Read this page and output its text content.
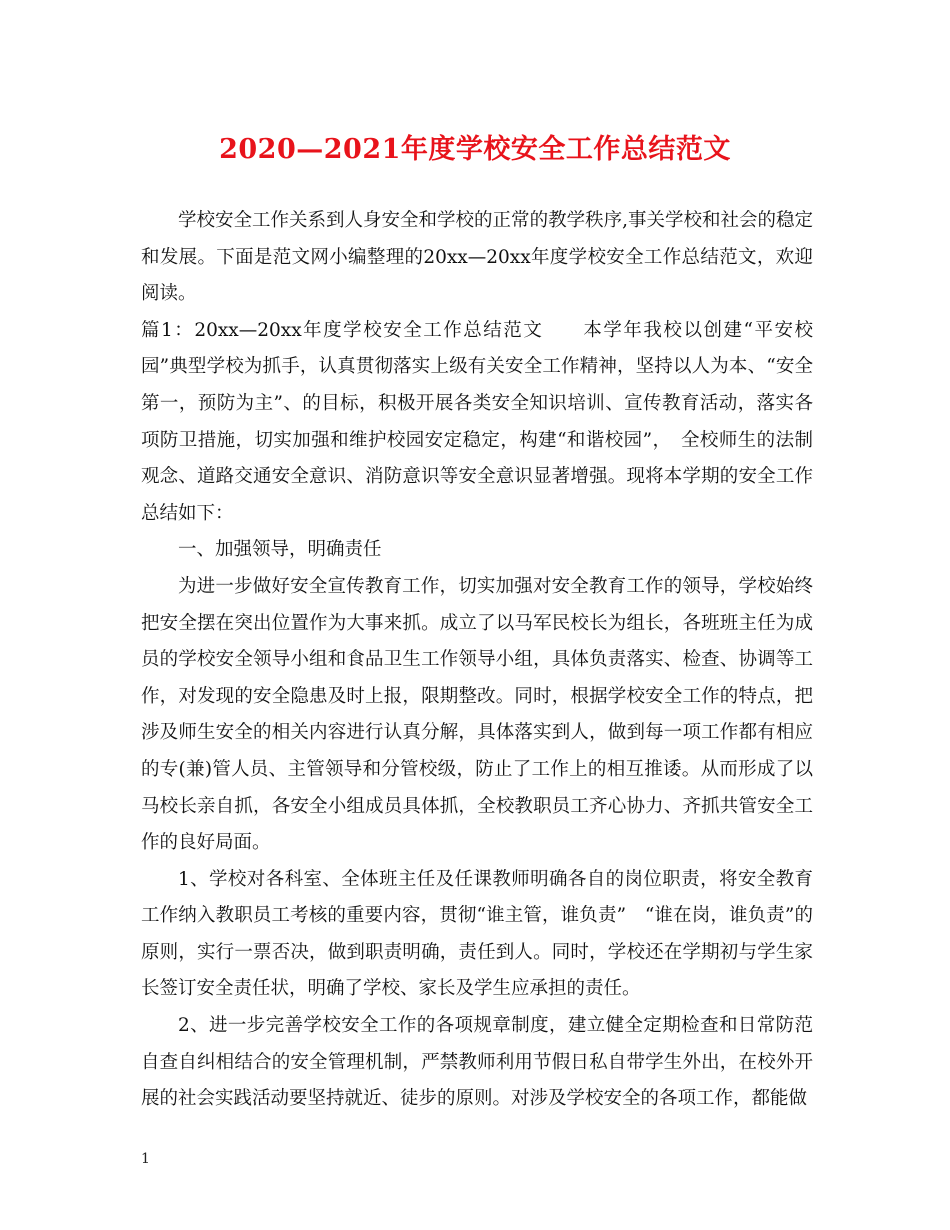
2020—2021年度学校安全工作总结范文

学校安全工作关系到人身安全和学校的正常的教学秩序,事关学校和社会的稳定和发展。下面是范文网小编整理的20xx—20xx年度学校安全工作总结范文，欢迎阅读。

篇1：20xx—20xx年度学校安全工作总结范文　　本学年我校以创建“平安校园”典型学校为抓手，认真贯彻落实上级有关安全工作精神，坚持以人为本、“安全第一，预防为主”、的目标，积极开展各类安全知识培训、宣传教育活动，落实各项防卫措施，切实加强和维护校园安定稳定，构建“和谐校园”，　全校师生的法制观念、道路交通安全意识、消防意识等安全意识显著增强。现将本学期的安全工作总结如下：

一、加强领导，明确责任

为进一步做好安全宣传教育工作，切实加强对安全教育工作的领导，学校始终把安全摆在突出位置作为大事来抓。成立了以马军民校长为组长，各班班主任为成员的学校安全领导小组和食品卫生工作领导小组，具体负责落实、检查、协调等工作，对发现的安全隐患及时上报，限期整改。同时，根据学校安全工作的特点，把涉及师生安全的相关内容进行认真分解，具体落实到人，做到每一项工作都有相应的专(兼)管人员、主管领导和分管校级，防止了工作上的相互推诿。从而形成了以马校长亲自抓，各安全小组成员具体抓，全校教职员工齐心协力、齐抓共管安全工作的良好局面。

1、学校对各科室、全体班主任及任课教师明确各自的岗位职责，将安全教育工作纳入教职员工考核的重要内容，贯彻“谁主管，谁负责”　“谁在岗，谁负责”的原则，实行一票否决，做到职责明确，责任到人。同时，学校还在学期初与学生家长签订安全责任状，明确了学校、家长及学生应承担的责任。

2、进一步完善学校安全工作的各项规章制度，建立健全定期检查和日常防范自查自纠相结合的安全管理机制，严禁教师利用节假日私自带学生外出，在校外开展的社会实践活动要坚持就近、徒步的原则。对涉及学校安全的各项工作，都能做

1
